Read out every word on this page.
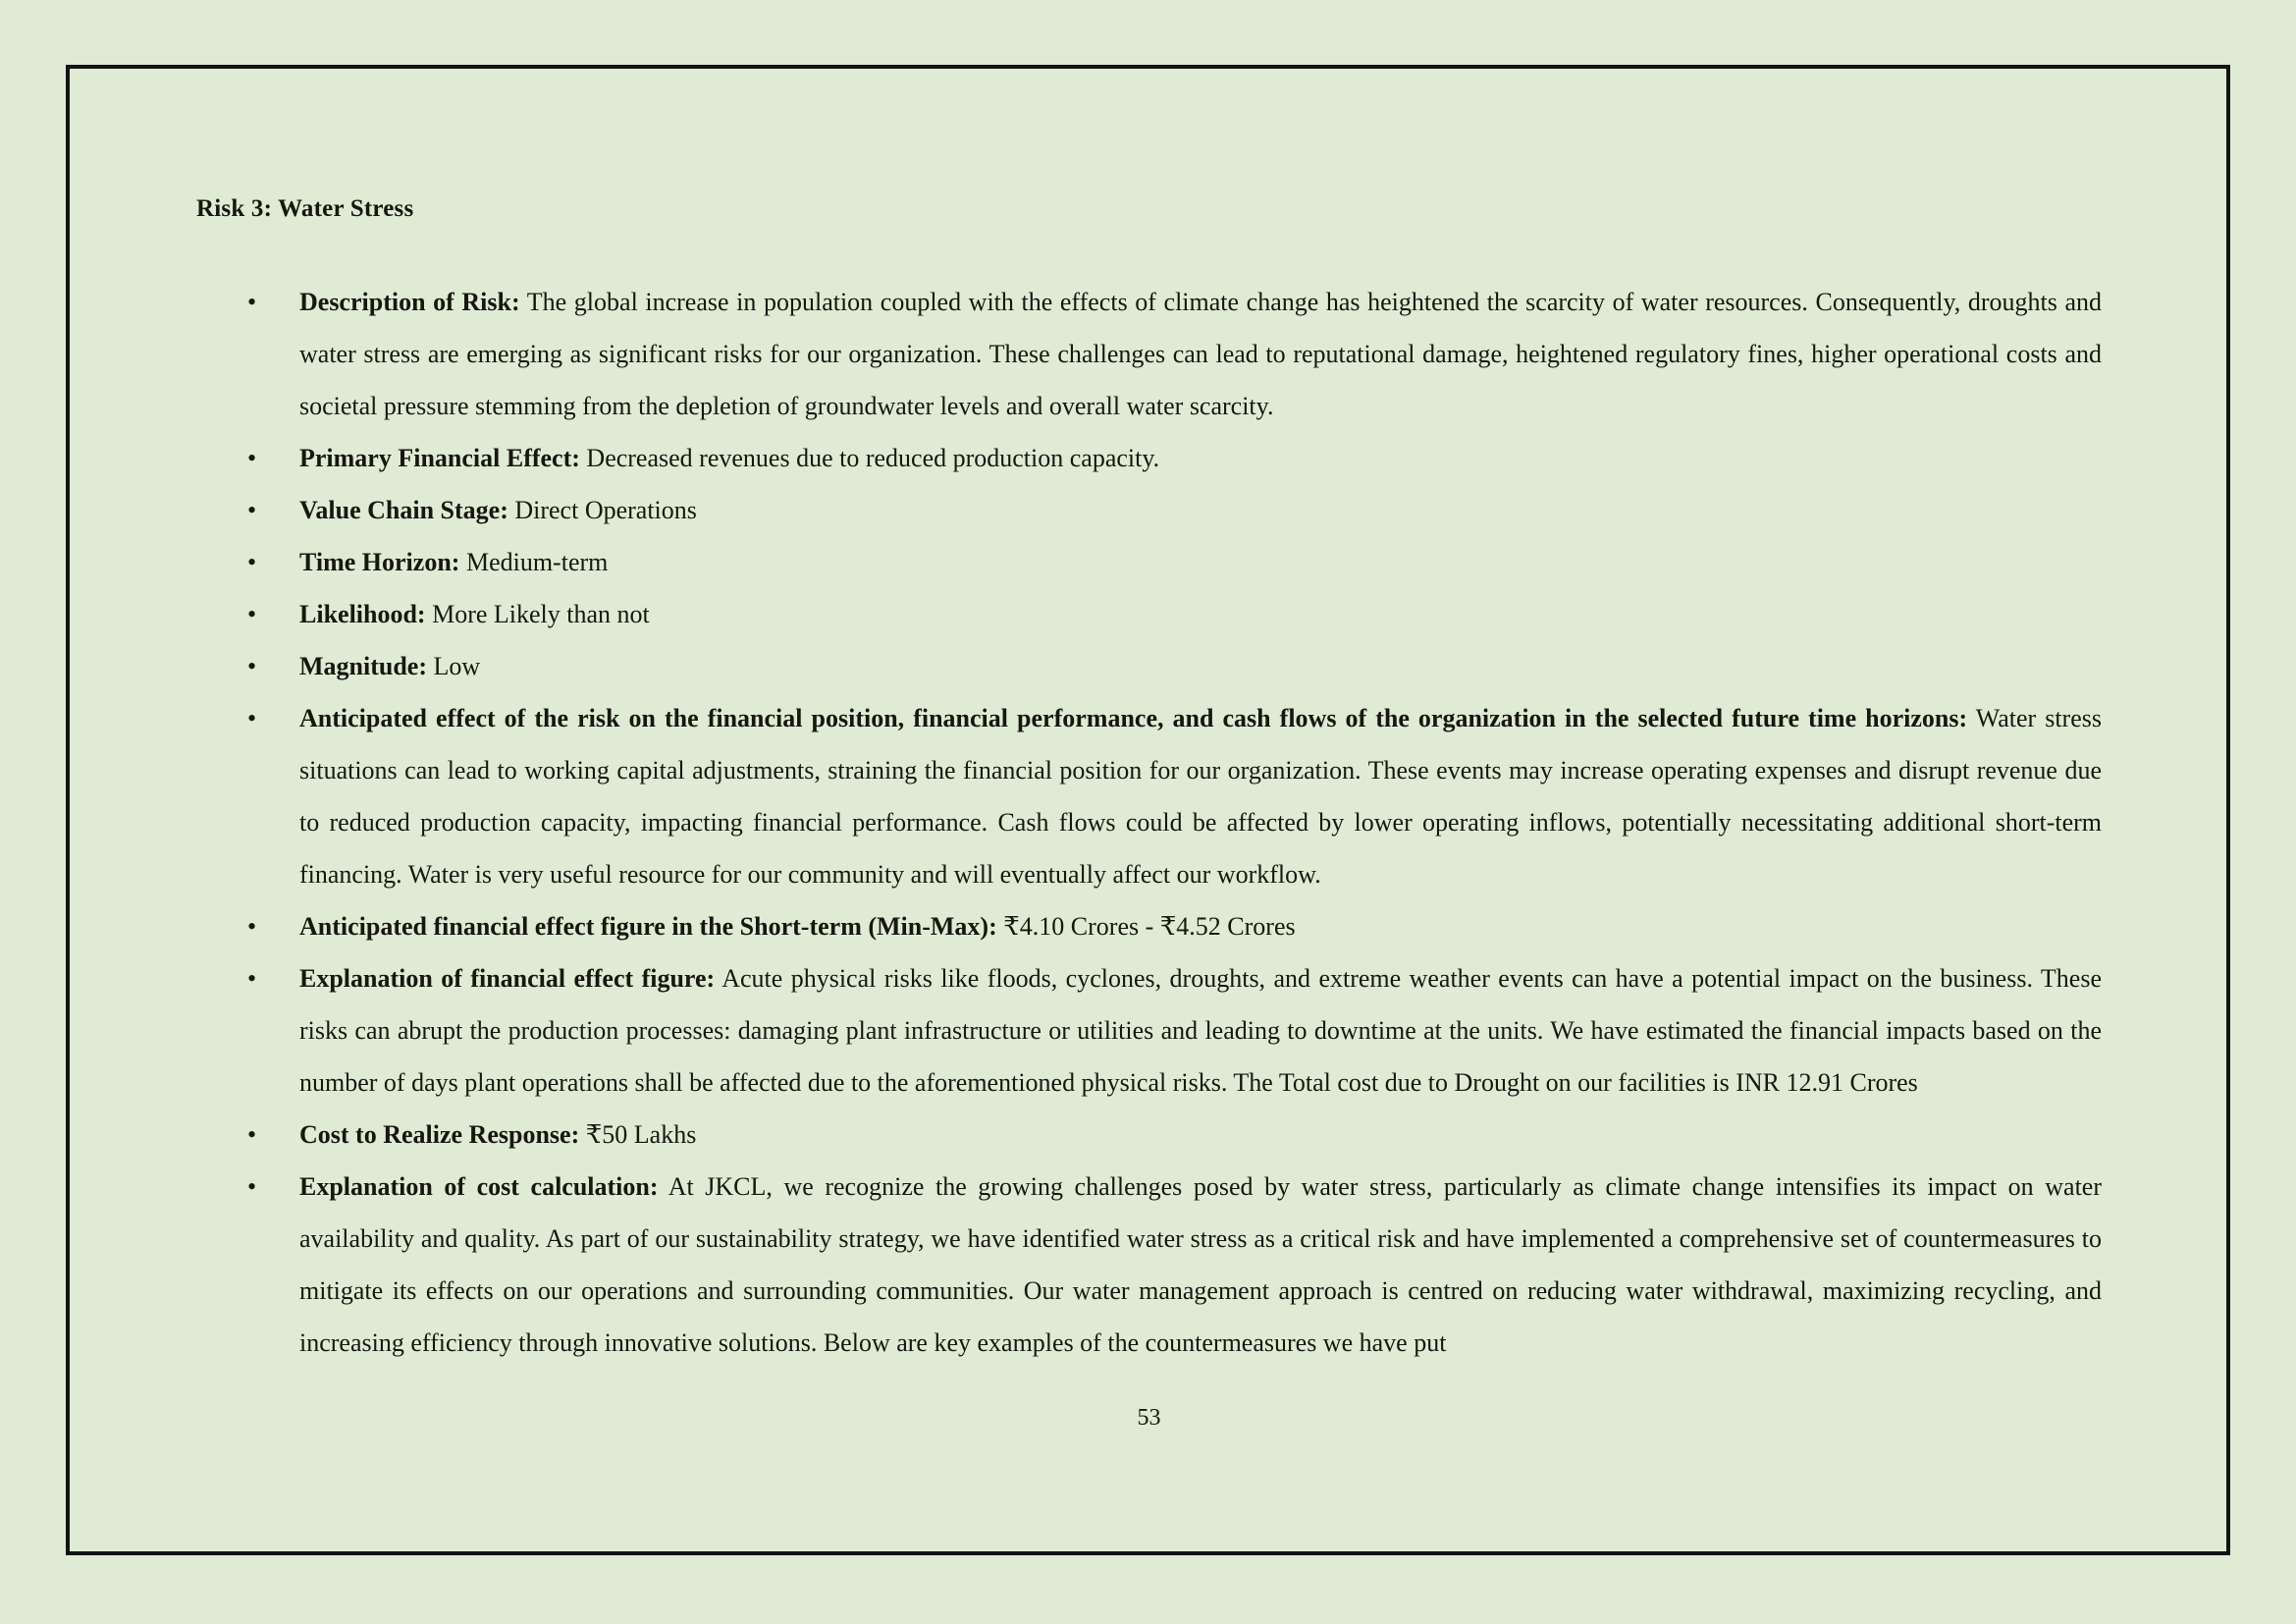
Risk 3: Water Stress
• Description of Risk: The global increase in population coupled with the effects of climate change has heightened the scarcity of water resources. Consequently, droughts and water stress are emerging as significant risks for our organization. These challenges can lead to reputational damage, heightened regulatory fines, higher operational costs and societal pressure stemming from the depletion of groundwater levels and overall water scarcity.
• Primary Financial Effect: Decreased revenues due to reduced production capacity.
• Value Chain Stage: Direct Operations
• Time Horizon: Medium-term
• Likelihood: More Likely than not
• Magnitude: Low
• Anticipated effect of the risk on the financial position, financial performance, and cash flows of the organization in the selected future time horizons: Water stress situations can lead to working capital adjustments, straining the financial position for our organization. These events may increase operating expenses and disrupt revenue due to reduced production capacity, impacting financial performance. Cash flows could be affected by lower operating inflows, potentially necessitating additional short-term financing. Water is very useful resource for our community and will eventually affect our workflow.
• Anticipated financial effect figure in the Short-term (Min-Max): ₹4.10 Crores - ₹4.52 Crores
• Explanation of financial effect figure: Acute physical risks like floods, cyclones, droughts, and extreme weather events can have a potential impact on the business. These risks can abrupt the production processes: damaging plant infrastructure or utilities and leading to downtime at the units. We have estimated the financial impacts based on the number of days plant operations shall be affected due to the aforementioned physical risks. The Total cost due to Drought on our facilities is INR 12.91 Crores
• Cost to Realize Response: ₹50 Lakhs
• Explanation of cost calculation: At JKCL, we recognize the growing challenges posed by water stress, particularly as climate change intensifies its impact on water availability and quality. As part of our sustainability strategy, we have identified water stress as a critical risk and have implemented a comprehensive set of countermeasures to mitigate its effects on our operations and surrounding communities. Our water management approach is centred on reducing water withdrawal, maximizing recycling, and increasing efficiency through innovative solutions. Below are key examples of the countermeasures we have put
53
